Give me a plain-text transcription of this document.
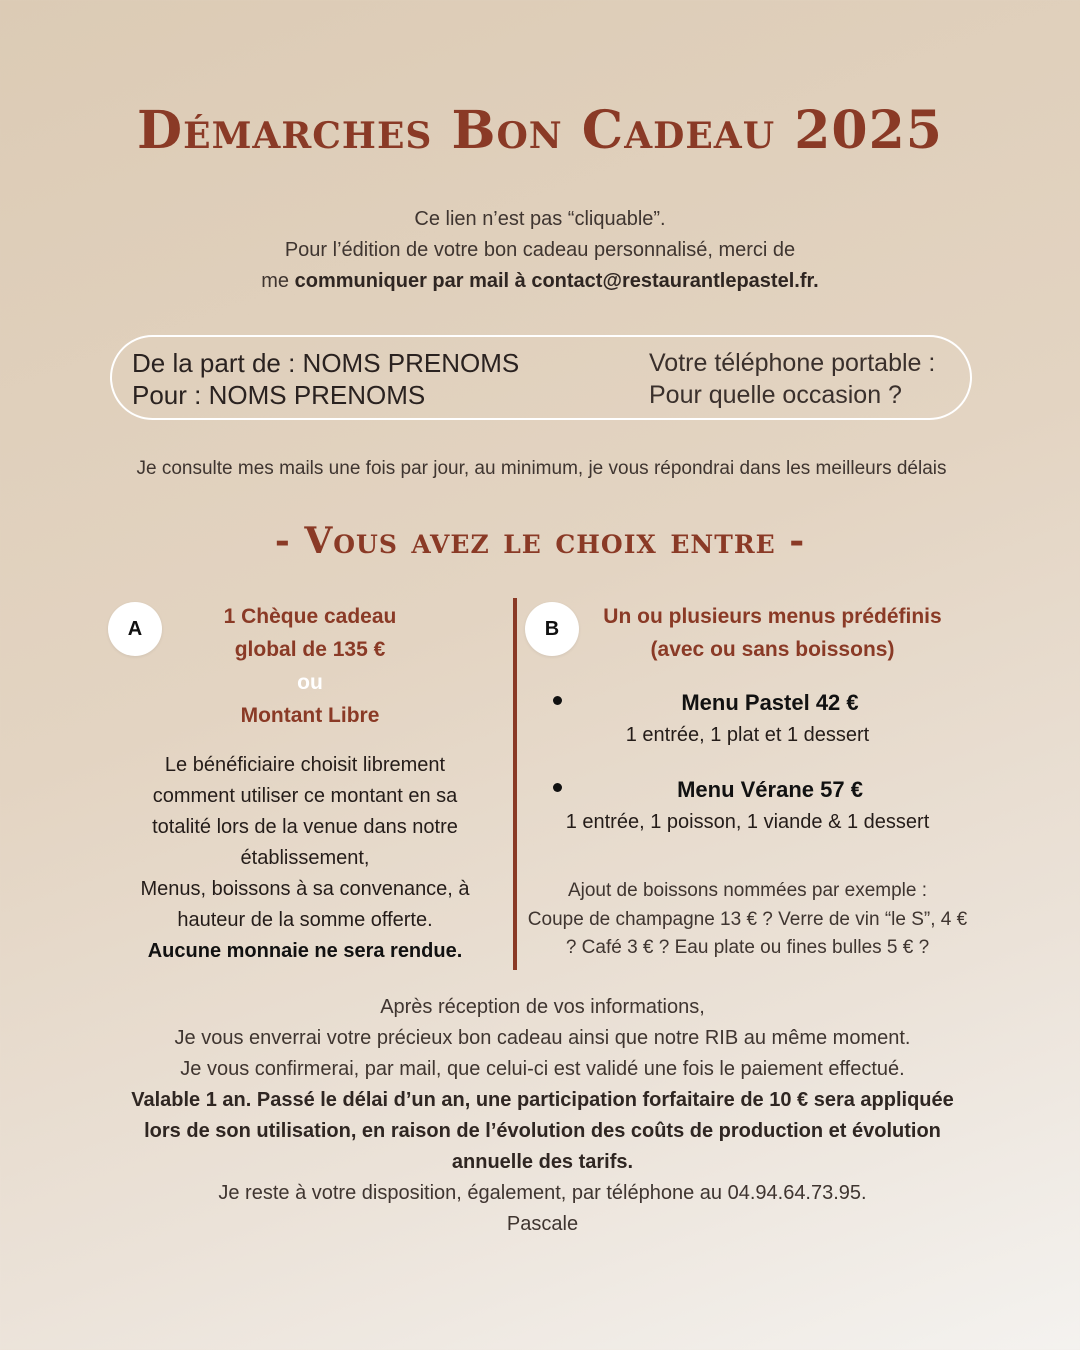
Démarches Bon Cadeau 2025
Ce lien n’est pas “cliquable”.
Pour l’édition de votre bon cadeau personnalisé, merci de
me communiquer par mail à contact@restaurantlepastel.fr.
De la part de : NOMS PRENOMS
Pour : NOMS PRENOMS
Votre téléphone portable :
Pour quelle occasion ?
Je consulte mes mails une fois par jour, au minimum, je vous répondrai dans les meilleurs délais
- Vous avez le choix entre -
A
1 Chèque cadeau
global de 135 €
ou
Montant Libre
Le bénéficiaire choisit librement
comment utiliser ce montant en sa
totalité lors de la venue dans notre
établissement,
Menus, boissons à sa convenance, à
hauteur de la somme offerte.
Aucune monnaie ne sera rendue.
B
Un ou plusieurs menus prédéfinis
(avec ou sans boissons)
Menu Pastel 42 €
1 entrée, 1 plat et 1 dessert
Menu Vérane 57 €
1 entrée, 1 poisson, 1 viande & 1 dessert
Ajout de boissons nommées par exemple :
Coupe de champagne 13 € ? Verre de vin “le S”, 4 €
? Café 3 € ? Eau plate ou fines bulles 5 € ?
Après réception de vos informations,
Je vous enverrai votre précieux bon cadeau ainsi que notre RIB au même moment.
Je vous confirmerai, par mail, que celui-ci est validé une fois le paiement effectué.
Valable 1 an. Passé le délai d’un an, une participation forfaitaire de 10 € sera appliquée
lors de son utilisation, en raison de l’évolution des coûts de production et évolution
annuelle des tarifs.
Je reste à votre disposition, également, par téléphone au 04.94.64.73.95.
Pascale
